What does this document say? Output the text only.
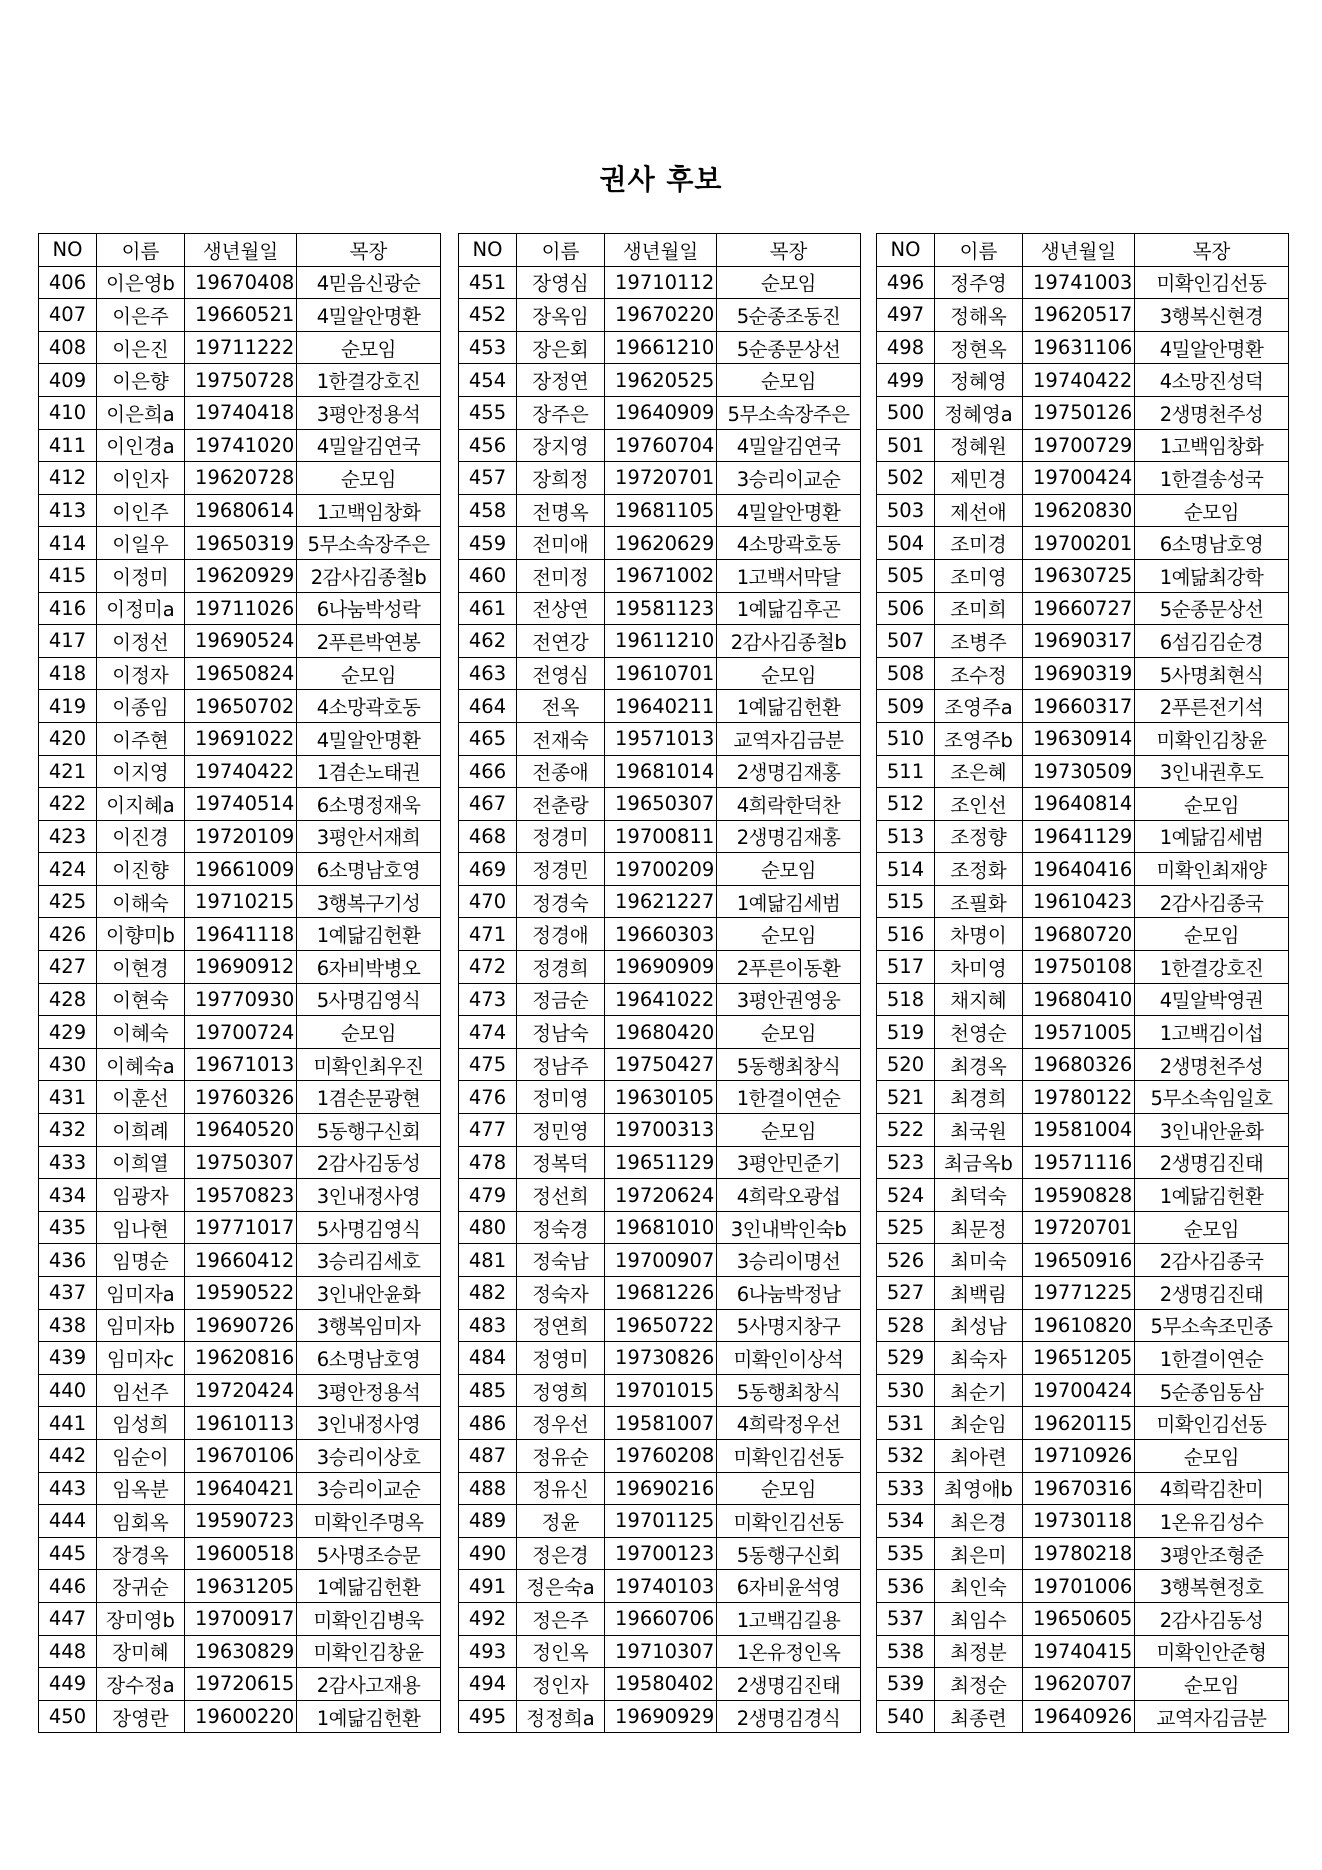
권사 후보
NO	이름	생년월일	목장
406	이은영b	19670408	4믿음신광순
407	이은주	19660521	4밀알안명환
408	이은진	19711222	순모임
409	이은향	19750728	1한결강호진
410	이은희a	19740418	3평안정용석
411	이인경a	19741020	4밀알김연국
412	이인자	19620728	순모임
413	이인주	19680614	1고백임창화
414	이일우	19650319	5무소속장주은
415	이정미	19620929	2감사김종철b
416	이정미a	19711026	6나눔박성락
417	이정선	19690524	2푸른박연봉
418	이정자	19650824	순모임
419	이종임	19650702	4소망곽호동
420	이주현	19691022	4밀알안명환
421	이지영	19740422	1겸손노태권
422	이지혜a	19740514	6소명정재욱
423	이진경	19720109	3평안서재희
424	이진향	19661009	6소명남호영
425	이해숙	19710215	3행복구기성
426	이향미b	19641118	1예닮김헌환
427	이현경	19690912	6자비박병오
428	이현숙	19770930	5사명김영식
429	이혜숙	19700724	순모임
430	이혜숙a	19671013	미확인최우진
431	이훈선	19760326	1겸손문광현
432	이희례	19640520	5동행구신회
433	이희열	19750307	2감사김동성
434	임광자	19570823	3인내정사영
435	임나현	19771017	5사명김영식
436	임명순	19660412	3승리김세호
437	임미자a	19590522	3인내안윤화
438	임미자b	19690726	3행복임미자
439	임미자c	19620816	6소명남호영
440	임선주	19720424	3평안정용석
441	임성희	19610113	3인내정사영
442	임순이	19670106	3승리이상호
443	임옥분	19640421	3승리이교순
444	임회옥	19590723	미확인주명옥
445	장경옥	19600518	5사명조승문
446	장귀순	19631205	1예닮김헌환
447	장미영b	19700917	미확인김병욱
448	장미혜	19630829	미확인김창윤
449	장수정a	19720615	2감사고재용
450	장영란	19600220	1예닮김헌환
NO	이름	생년월일	목장
451	장영심	19710112	순모임
452	장옥임	19670220	5순종조동진
453	장은회	19661210	5순종문상선
454	장정연	19620525	순모임
455	장주은	19640909	5무소속장주은
456	장지영	19760704	4밀알김연국
457	장희정	19720701	3승리이교순
458	전명옥	19681105	4밀알안명환
459	전미애	19620629	4소망곽호동
460	전미정	19671002	1고백서막달
461	전상연	19581123	1예닮김후곤
462	전연강	19611210	2감사김종철b
463	전영심	19610701	순모임
464	전옥	19640211	1예닮김헌환
465	전재숙	19571013	교역자김금분
466	전종애	19681014	2생명김재홍
467	전춘랑	19650307	4희락한덕찬
468	정경미	19700811	2생명김재홍
469	정경민	19700209	순모임
470	정경숙	19621227	1예닮김세범
471	정경애	19660303	순모임
472	정경희	19690909	2푸른이동환
473	정금순	19641022	3평안권영웅
474	정남숙	19680420	순모임
475	정남주	19750427	5동행최창식
476	정미영	19630105	1한결이연순
477	정민영	19700313	순모임
478	정복덕	19651129	3평안민준기
479	정선희	19720624	4희락오광섭
480	정숙경	19681010	3인내박인숙b
481	정숙남	19700907	3승리이명선
482	정숙자	19681226	6나눔박정남
483	정연희	19650722	5사명지창구
484	정영미	19730826	미확인이상석
485	정영희	19701015	5동행최창식
486	정우선	19581007	4희락정우선
487	정유순	19760208	미확인김선동
488	정유신	19690216	순모임
489	정윤	19701125	미확인김선동
490	정은경	19700123	5동행구신회
491	정은숙a	19740103	6자비윤석영
492	정은주	19660706	1고백김길용
493	정인옥	19710307	1온유정인옥
494	정인자	19580402	2생명김진태
495	정정희a	19690929	2생명김경식
NO	이름	생년월일	목장
496	정주영	19741003	미확인김선동
497	정해옥	19620517	3행복신현경
498	정현옥	19631106	4밀알안명환
499	정혜영	19740422	4소망진성덕
500	정혜영a	19750126	2생명천주성
501	정혜원	19700729	1고백임창화
502	제민경	19700424	1한결송성국
503	제선애	19620830	순모임
504	조미경	19700201	6소명남호영
505	조미영	19630725	1예닮최강학
506	조미희	19660727	5순종문상선
507	조병주	19690317	6섬김김순경
508	조수정	19690319	5사명최현식
509	조영주a	19660317	2푸른전기석
510	조영주b	19630914	미확인김창윤
511	조은혜	19730509	3인내권후도
512	조인선	19640814	순모임
513	조정향	19641129	1예닮김세범
514	조정화	19640416	미확인최재양
515	조필화	19610423	2감사김종국
516	차명이	19680720	순모임
517	차미영	19750108	1한결강호진
518	채지혜	19680410	4밀알박영권
519	천영순	19571005	1고백김이섭
520	최경옥	19680326	2생명천주성
521	최경희	19780122	5무소속임일호
522	최국원	19581004	3인내안윤화
523	최금옥b	19571116	2생명김진태
524	최덕숙	19590828	1예닮김헌환
525	최문정	19720701	순모임
526	최미숙	19650916	2감사김종국
527	최백림	19771225	2생명김진태
528	최성남	19610820	5무소속조민종
529	최숙자	19651205	1한결이연순
530	최순기	19700424	5순종임동삼
531	최순임	19620115	미확인김선동
532	최아련	19710926	순모임
533	최영애b	19670316	4희락김찬미
534	최은경	19730118	1온유김성수
535	최은미	19780218	3평안조형준
536	최인숙	19701006	3행복현정호
537	최임수	19650605	2감사김동성
538	최정분	19740415	미확인안준형
539	최정순	19620707	순모임
540	최종련	19640926	교역자김금분
